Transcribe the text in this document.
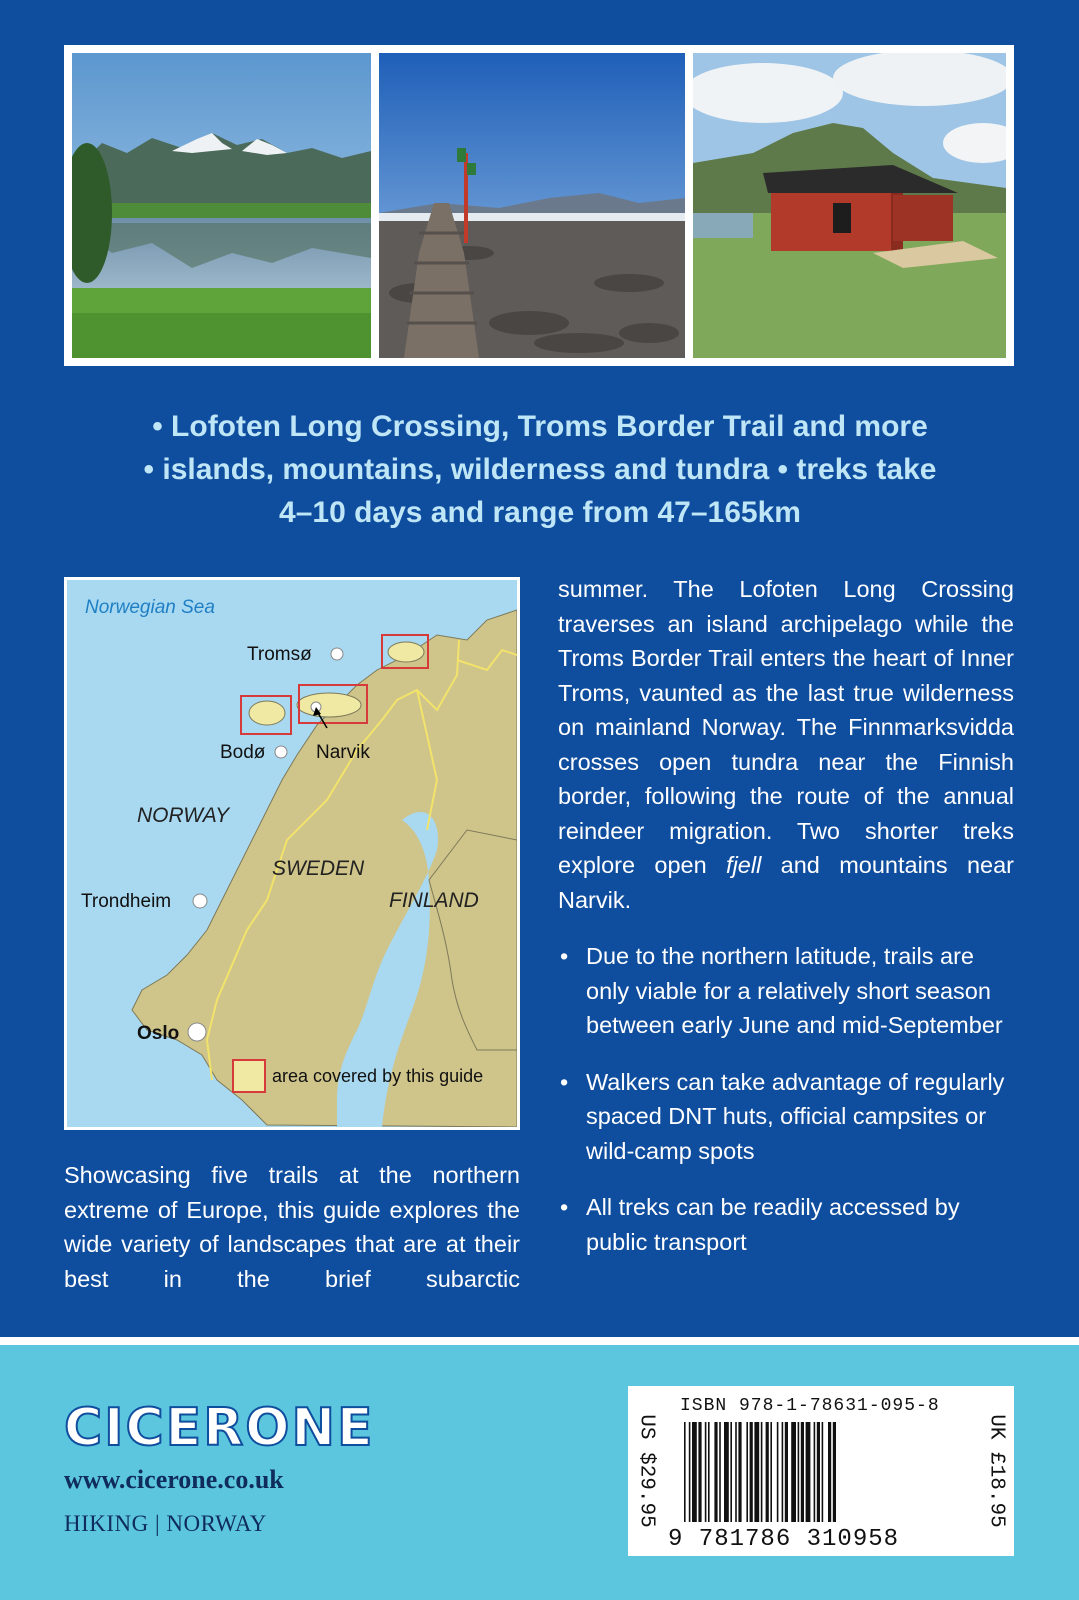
• Lofoten Long Crossing, Troms Border Trail and more
• islands, mountains, wilderness and tundra • treks take
4–10 days and range from 47–165km
Norwegian Sea
Tromsø
Narvik
Bodø
NORWAY
SWEDEN
FINLAND
Trondheim
Oslo
area covered by this guide

summer. The Lofoten Long Crossing traverses an island archipelago while the Troms Border Trail enters the heart of Inner Troms, vaunted as the last true wilderness on mainland Norway. The Finnmarksvidda crosses open tundra near the Finnish border, following the route of the annual reindeer migration. Two shorter treks explore open fjell and mountains near Narvik.

• Due to the northern latitude, trails are only viable for a relatively short season between early June and mid-September
• Walkers can take advantage of regularly spaced DNT huts, official campsites or wild-camp spots
• All treks can be readily accessed by public transport

Showcasing five trails at the northern extreme of Europe, this guide explores the wide variety of landscapes that are at their best in the brief subarctic

CICERONE
www.cicerone.co.uk
HIKING | NORWAY	US $29.95	UK £18.95
ISBN 978-1-78631-095-8
9 781786 310958
